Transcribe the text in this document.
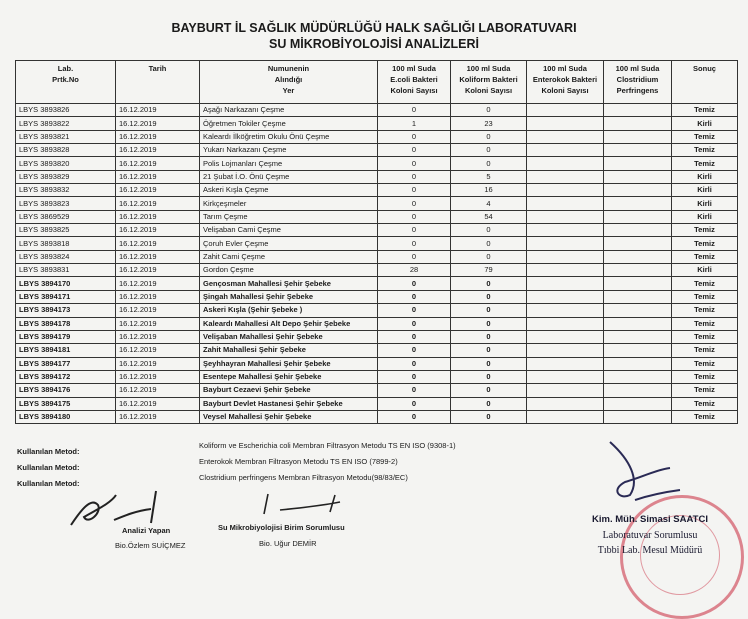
BAYBURT İL SAĞLIK MÜDÜRLÜĞÜ HALK SAĞLIĞI LABORATUVARI
SU MİKROBİYOLOJİSİ ANALİZLERİ
Lab.
Prtk.No	Tarih	Numunenin
Alındığı
Yer	100 ml Suda
E.coli Bakteri
Koloni Sayısı	100 ml Suda
Koliform Bakteri
Koloni Sayısı	100 ml Suda
Enterokok Bakteri
Koloni Sayısı	100 ml Suda
Clostridium
Perfringens	Sonuç
LBYS 3893826	16.12.2019	Aşağı Narkazanı Çeşme	0	0			Temiz
LBYS 3893822	16.12.2019	Öğretmen Tokiler Çeşme	1	23			Kirli
LBYS 3893821	16.12.2019	Kaleardı İlköğretim Okulu Önü Çeşme	0	0			Temiz
LBYS 3893828	16.12.2019	Yukarı Narkazanı Çeşme	0	0			Temiz
LBYS 3893820	16.12.2019	Polis Lojmanları Çeşme	0	0			Temiz
LBYS 3893829	16.12.2019	21 Şubat İ.O. Önü Çeşme	0	5			Kirli
LBYS 3893832	16.12.2019	Askeri Kışla Çeşme	0	16			Kirli
LBYS 3893823	16.12.2019	Kirkçeşmeler	0	4			Kirli
LBYS 3869529	16.12.2019	Tarım Çeşme	0	54			Kirli
LBYS 3893825	16.12.2019	Velişaban Cami Çeşme	0	0			Temiz
LBYS 3893818	16.12.2019	Çoruh Evler Çeşme	0	0			Temiz
LBYS 3893824	16.12.2019	Zahit Cami Çeşme	0	0			Temiz
LBYS 3893831	16.12.2019	Gordon Çeşme	28	79			Kirli
LBYS 3894170	16.12.2019	Gençosman Mahallesi Şehir Şebeke	0	0			Temiz
LBYS 3894171	16.12.2019	Şingah Mahallesi Şehir Şebeke	0	0			Temiz
LBYS 3894173	16.12.2019	Askeri Kışla (Şehir Şebeke )	0	0			Temiz
LBYS 3894178	16.12.2019	Kaleardı Mahallesi Alt Depo Şehir Şebeke	0	0			Temiz
LBYS 3894179	16.12.2019	Velişaban Mahallesi Şehir Şebeke	0	0			Temiz
LBYS 3894181	16.12.2019	Zahit Mahallesi Şehir Şebeke	0	0			Temiz
LBYS 3894177	16.12.2019	Şeyhhayran Mahallesi Şehir Şebeke	0	0			Temiz
LBYS 3894172	16.12.2019	Esentepe Mahallesi Şehir Şebeke	0	0			Temiz
LBYS 3894176	16.12.2019	Bayburt Cezaevi Şehir Şebeke	0	0			Temiz
LBYS 3894175	16.12.2019	Bayburt Devlet Hastanesi Şehir Şebeke	0	0			Temiz
LBYS 3894180	16.12.2019	Veysel Mahallesi Şehir Şebeke	0	0			Temiz
Kullanılan Metod:
Koliform ve Escherichia coli Membran Filtrasyon Metodu TS EN ISO (9308-1)
Kullanılan Metod:
Enterokok Membran Filtrasyon Metodu TS EN ISO (7899-2)
Kullanılan Metod:
Clostridium perfringens Membran Filtrasyon Metodu(98/83/EC)
Analizi Yapan
Bio.Özlem SUİÇMEZ
Su Mikrobiyolojisi Birim Sorumlusu
Bio. Uğur DEMİR
Kim. Müh. Simasi SAATCI
Laboratuvar Sorumlusu
Tıbbi Lab. Mesul Müdürü
